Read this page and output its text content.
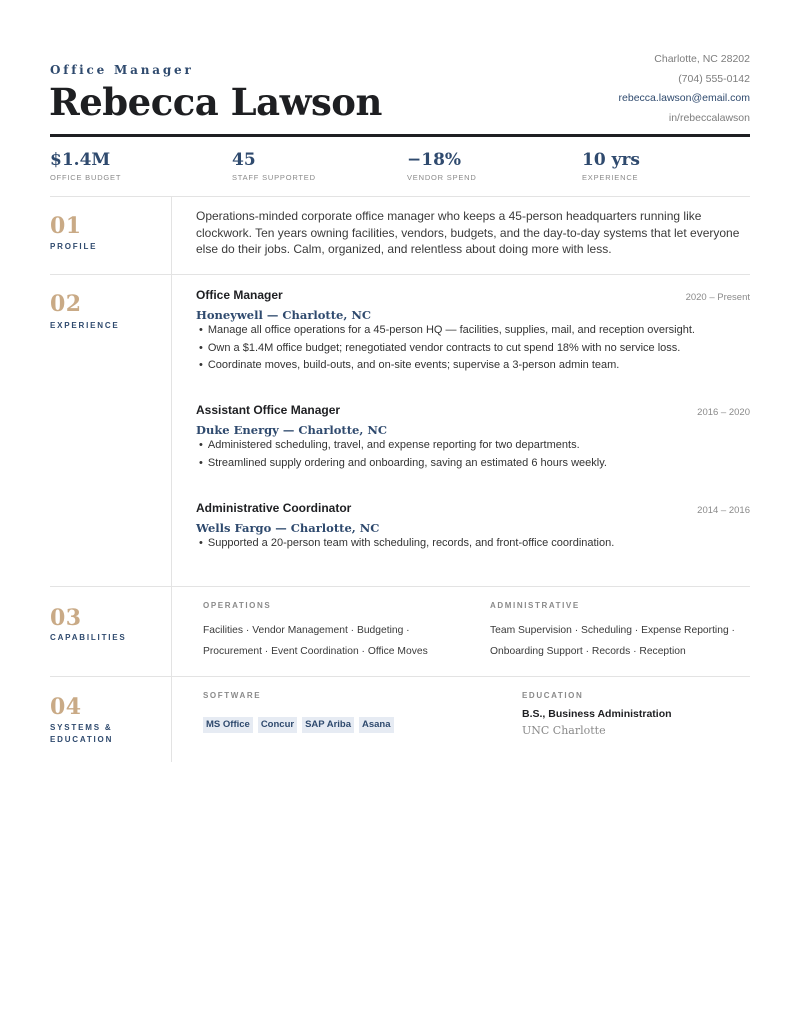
Office Manager
Rebecca Lawson
Charlotte, NC 28202
(704) 555-0142
rebecca.lawson@email.com
in/rebeccalawson
$1.4M
OFFICE BUDGET
45
STAFF SUPPORTED
−18%
VENDOR SPEND
10 yrs
EXPERIENCE
01
PROFILE
Operations-minded corporate office manager who keeps a 45-person headquarters running like
clockwork. Ten years owning facilities, vendors, budgets, and the day-to-day systems that let everyone
else do their jobs. Calm, organized, and relentless about doing more with less.
02
EXPERIENCE
Office Manager	2020 – Present
Honeywell — Charlotte, NC
• Manage all office operations for a 45-person HQ — facilities, supplies, mail, and reception oversight.
• Own a $1.4M office budget; renegotiated vendor contracts to cut spend 18% with no service loss.
• Coordinate moves, build-outs, and on-site events; supervise a 3-person admin team.
Assistant Office Manager	2016 – 2020
Duke Energy — Charlotte, NC
• Administered scheduling, travel, and expense reporting for two departments.
• Streamlined supply ordering and onboarding, saving an estimated 6 hours weekly.
Administrative Coordinator	2014 – 2016
Wells Fargo — Charlotte, NC
• Supported a 20-person team with scheduling, records, and front-office coordination.
03
CAPABILITIES
OPERATIONS
Facilities · Vendor Management · Budgeting ·
Procurement · Event Coordination · Office Moves
ADMINISTRATIVE
Team Supervision · Scheduling · Expense Reporting ·
Onboarding Support · Records · Reception
04
SYSTEMS &
EDUCATION
SOFTWARE
MS Office	Concur	SAP Ariba	Asana
EDUCATION
B.S., Business Administration
UNC Charlotte
